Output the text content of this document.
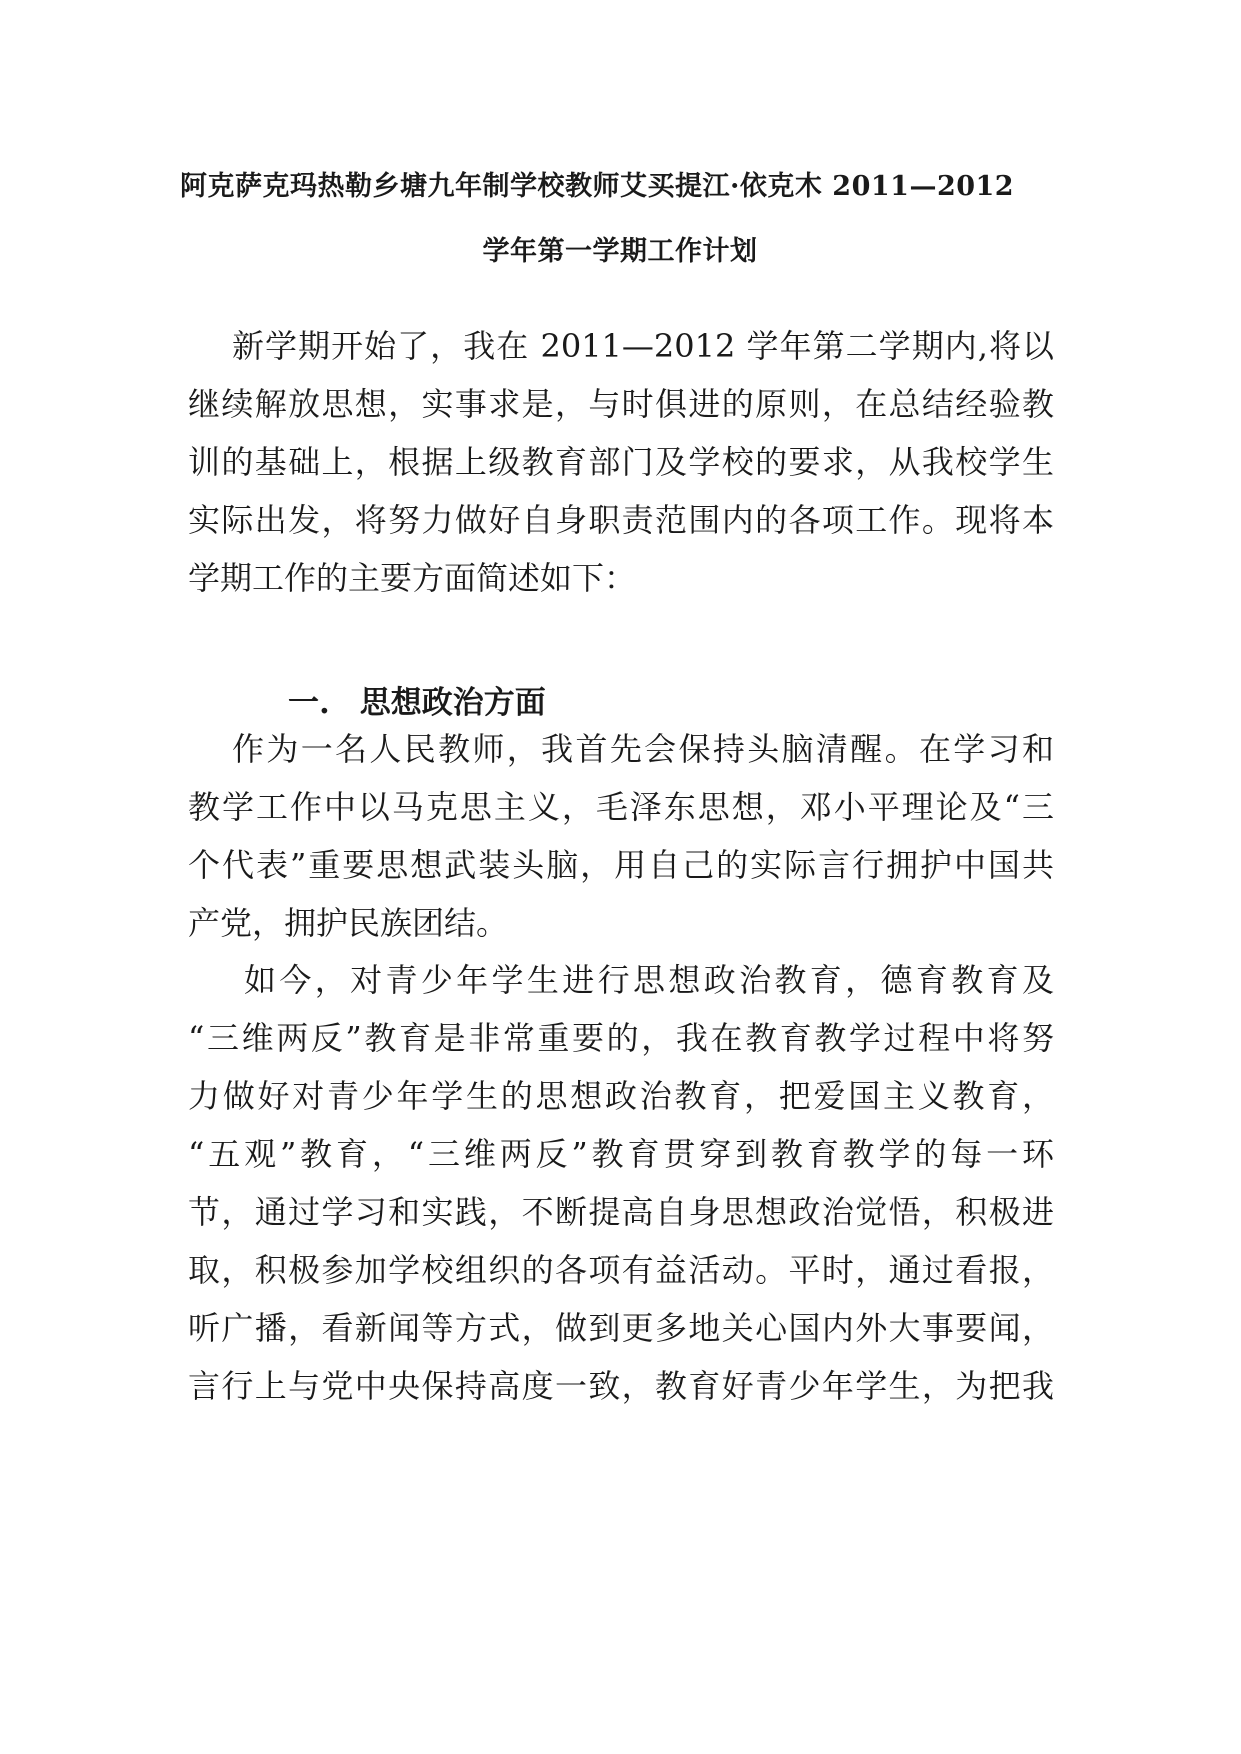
阿克萨克玛热勒乡塘九年制学校教师艾买提江·依克木 2011—2012
学年第一学期工作计划
新学期开始了，我在 2011—2012 学年第二学期内,将以
继续解放思想，实事求是，与时俱进的原则，在总结经验教
训的基础上，根据上级教育部门及学校的要求，从我校学生
实际出发，将努力做好自身职责范围内的各项工作。现将本
学期工作的主要方面简述如下：
一. 思想政治方面
作为一名人民教师，我首先会保持头脑清醒。在学习和
教学工作中以马克思主义，毛泽东思想，邓小平理论及“三
个代表”重要思想武装头脑，用自己的实际言行拥护中国共
产党，拥护民族团结。
如今，对青少年学生进行思想政治教育，德育教育及
“三维两反”教育是非常重要的，我在教育教学过程中将努
力做好对青少年学生的思想政治教育，把爱国主义教育，
“五观”教育，“三维两反”教育贯穿到教育教学的每一环
节，通过学习和实践，不断提高自身思想政治觉悟，积极进
取，积极参加学校组织的各项有益活动。平时，通过看报，
听广播，看新闻等方式，做到更多地关心国内外大事要闻，
言行上与党中央保持高度一致，教育好青少年学生，为把我
